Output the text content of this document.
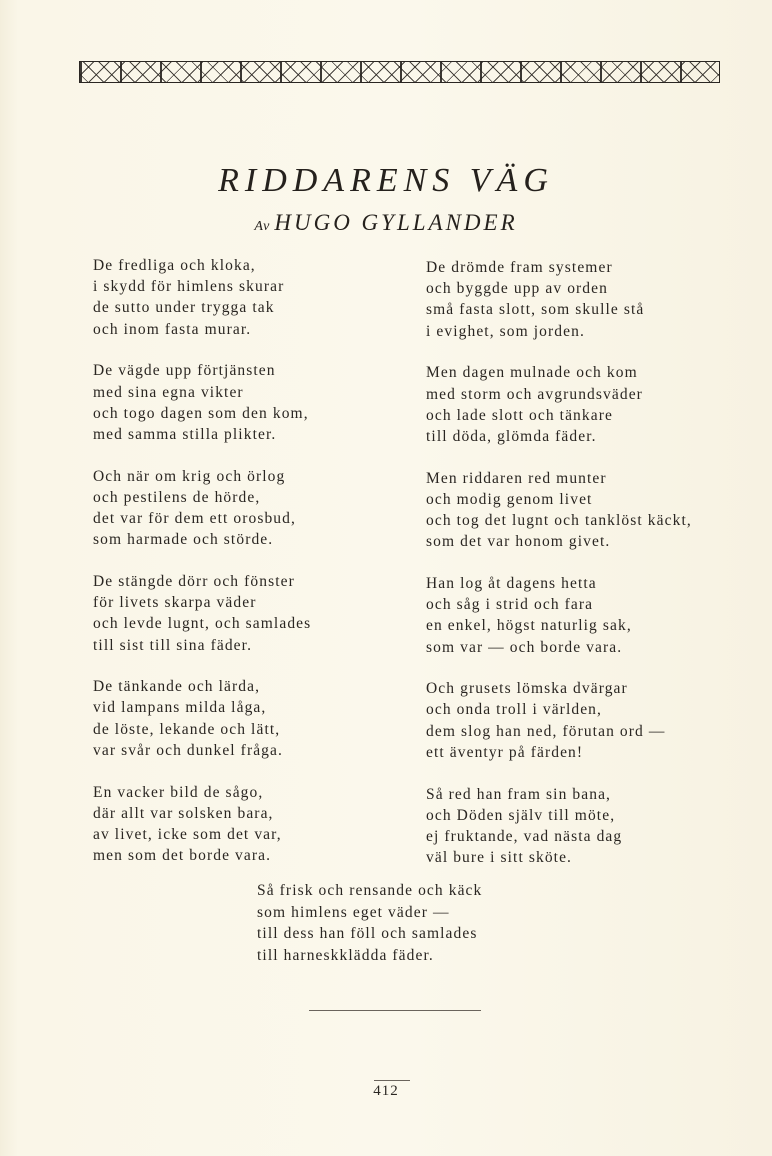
RIDDARENS VÄG
Av HUGO GYLLANDER
De fredliga och kloka,
i skydd för himlens skurar
de sutto under trygga tak
och inom fasta murar.
De vägde upp förtjänsten
med sina egna vikter
och togo dagen som den kom,
med samma stilla plikter.
Och när om krig och örlog
och pestilens de hörde,
det var för dem ett orosbud,
som harmade och störde.
De stängde dörr och fönster
för livets skarpa väder
och levde lugnt, och samlades
till sist till sina fäder.
De tänkande och lärda,
vid lampans milda låga,
de löste, lekande och lätt,
var svår och dunkel fråga.
En vacker bild de sågo,
där allt var solsken bara,
av livet, icke som det var,
men som det borde vara.
De drömde fram systemer
och byggde upp av orden
små fasta slott, som skulle stå
i evighet, som jorden.
Men dagen mulnade och kom
med storm och avgrundsväder
och lade slott och tänkare
till döda, glömda fäder.
Men riddaren red munter
och modig genom livet
och tog det lugnt och tanklöst käckt,
som det var honom givet.
Han log åt dagens hetta
och såg i strid och fara
en enkel, högst naturlig sak,
som var — och borde vara.
Och grusets lömska dvärgar
och onda troll i världen,
dem slog han ned, förutan ord —
ett äventyr på färden!
Så red han fram sin bana,
och Döden själv till möte,
ej fruktande, vad nästa dag
väl bure i sitt sköte.
Så frisk och rensande och käck
som himlens eget väder —
till dess han föll och samlades
till harneskklädda fäder.
412
